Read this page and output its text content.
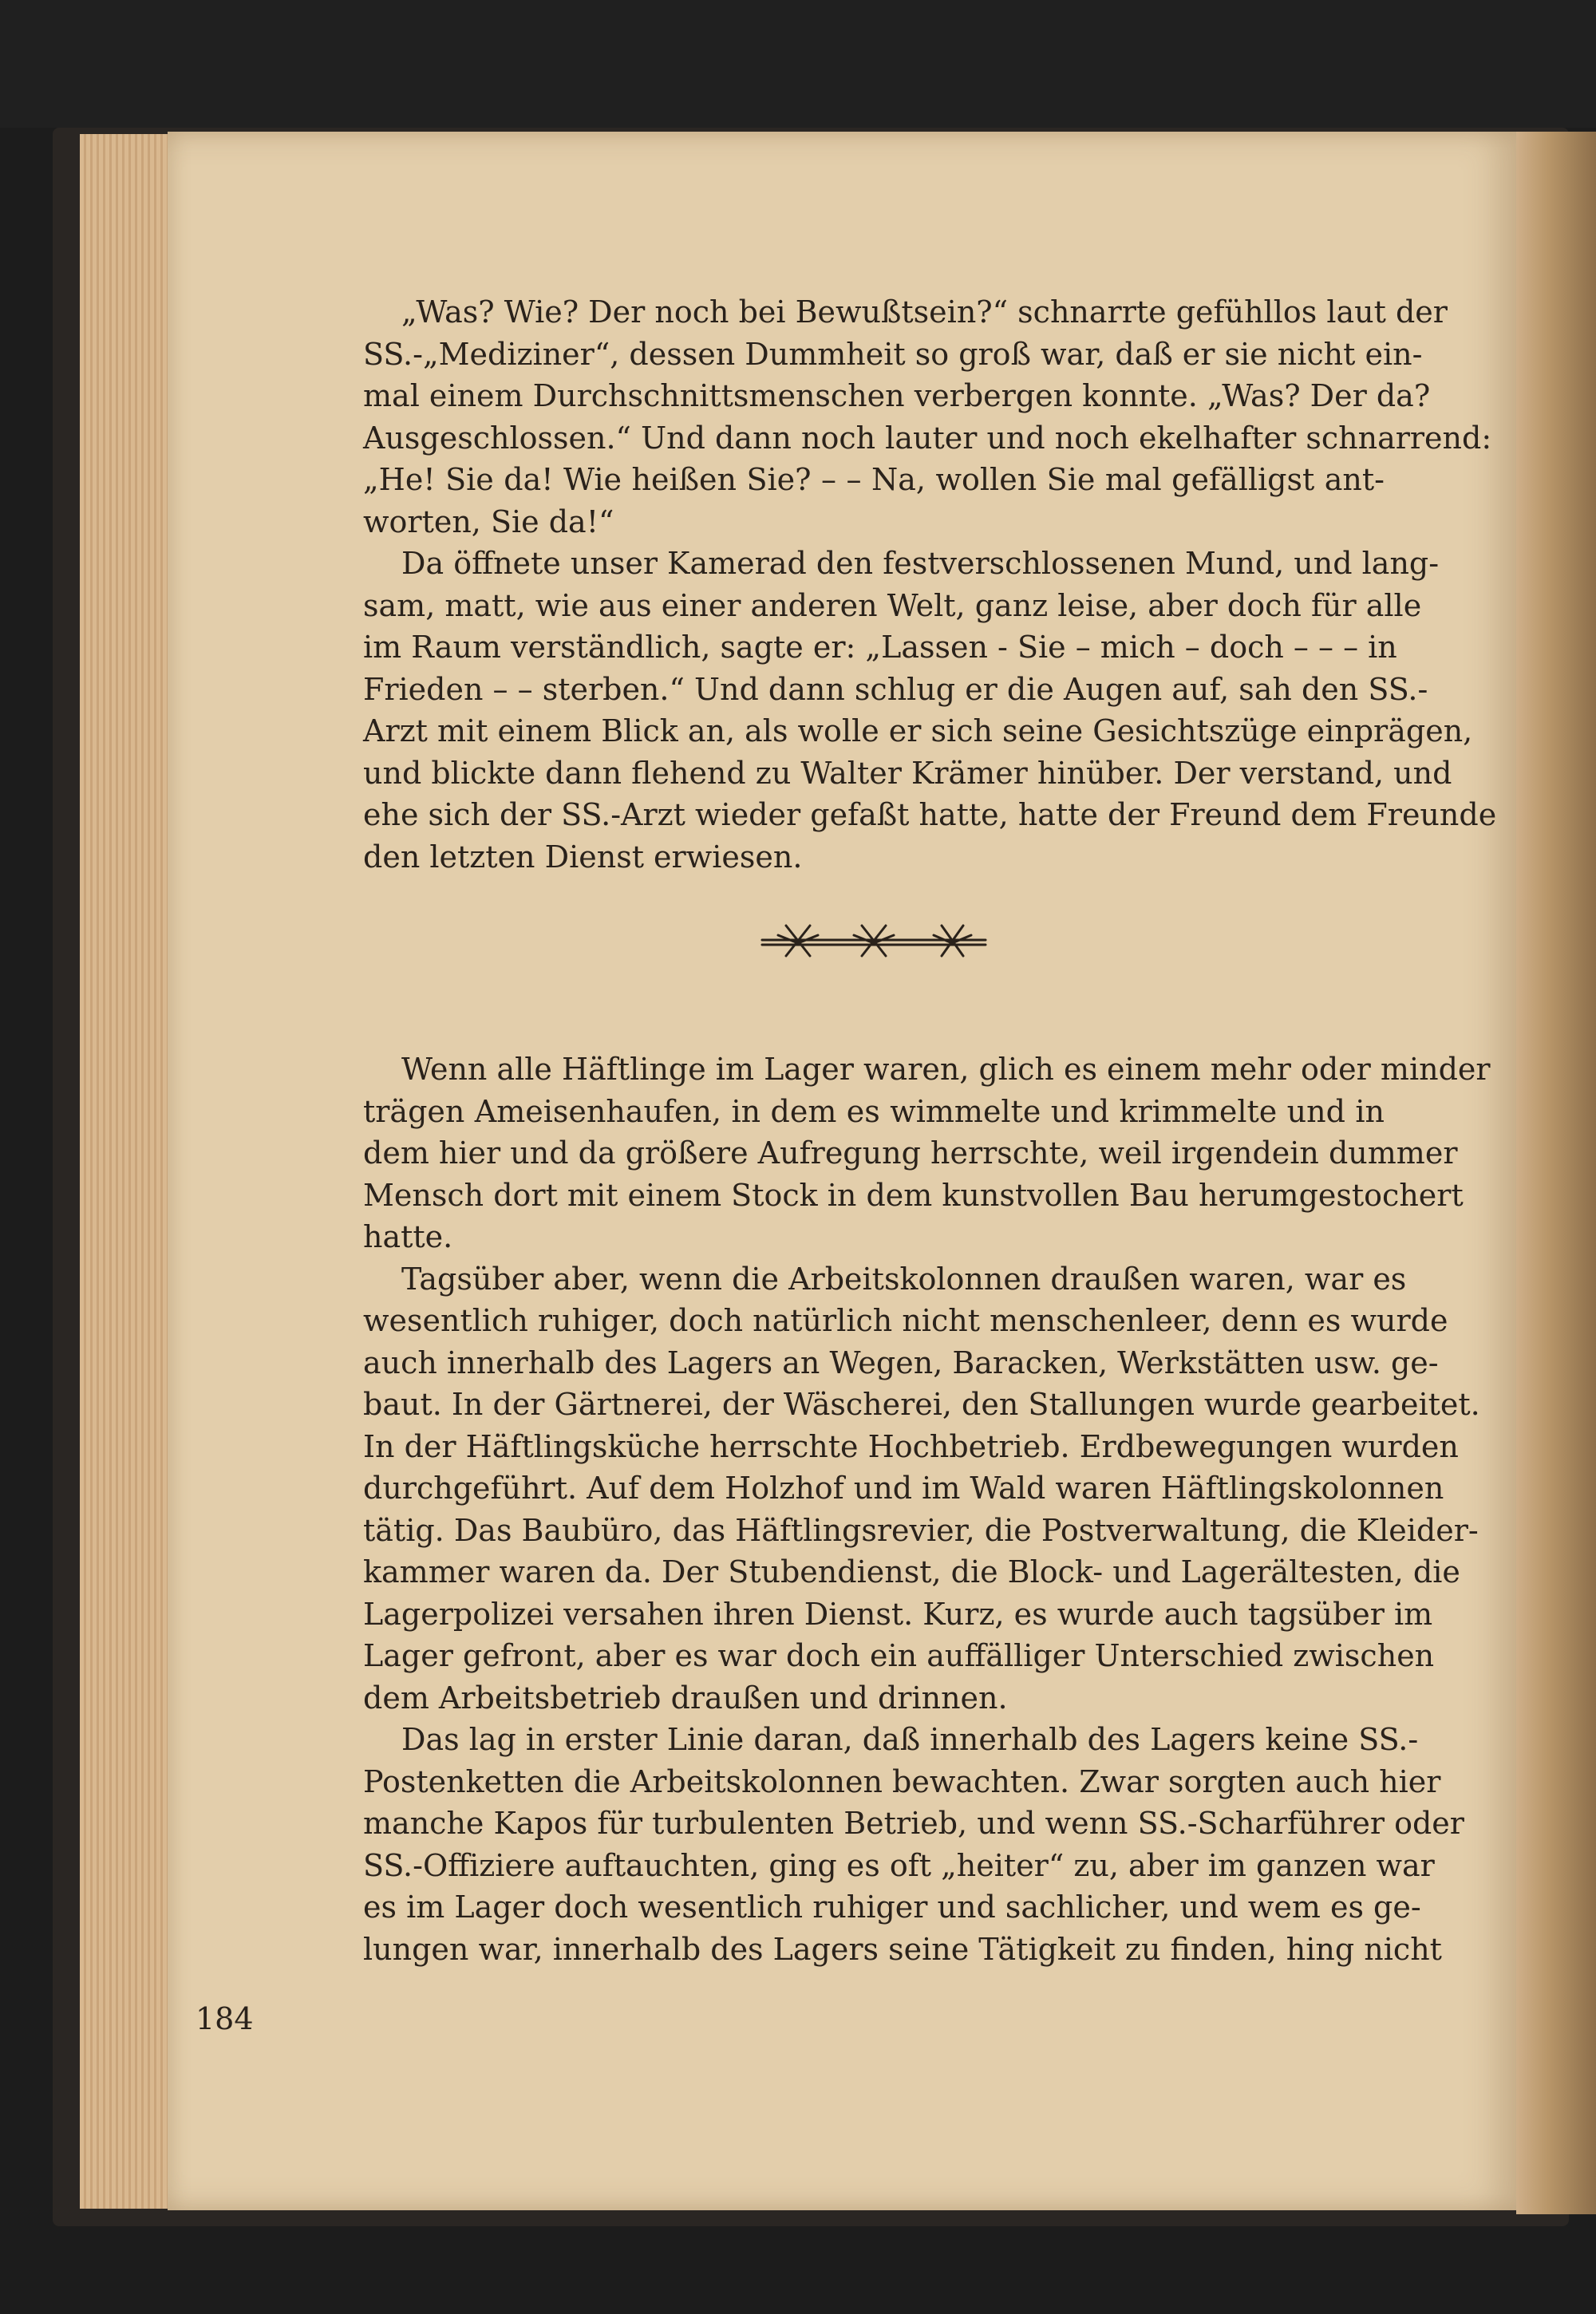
„Was? Wie? Der noch bei Bewußtsein?“ schnarrte gefühllos laut der
SS.-„Mediziner“, dessen Dummheit so groß war, daß er sie nicht ein-
mal einem Durchschnittsmenschen verbergen konnte. „Was? Der da?
Ausgeschlossen.“ Und dann noch lauter und noch ekelhafter schnarrend:
„He! Sie da! Wie heißen Sie? – – Na, wollen Sie mal gefälligst ant-
worten, Sie da!“
Da öffnete unser Kamerad den festverschlossenen Mund, und lang-
sam, matt, wie aus einer anderen Welt, ganz leise, aber doch für alle
im Raum verständlich, sagte er: „Lassen - Sie – mich – doch – – – in
Frieden – – sterben.“ Und dann schlug er die Augen auf, sah den SS.-
Arzt mit einem Blick an, als wolle er sich seine Gesichtszüge einprägen,
und blickte dann flehend zu Walter Krämer hinüber. Der verstand, und
ehe sich der SS.-Arzt wieder gefaßt hatte, hatte der Freund dem Freunde
den letzten Dienst erwiesen.
Wenn alle Häftlinge im Lager waren, glich es einem mehr oder minder
trägen Ameisenhaufen, in dem es wimmelte und krimmelte und in
dem hier und da größere Aufregung herrschte, weil irgendein dummer
Mensch dort mit einem Stock in dem kunstvollen Bau herumgestochert
hatte.
Tagsüber aber, wenn die Arbeitskolonnen draußen waren, war es
wesentlich ruhiger, doch natürlich nicht menschenleer, denn es wurde
auch innerhalb des Lagers an Wegen, Baracken, Werkstätten usw. ge-
baut. In der Gärtnerei, der Wäscherei, den Stallungen wurde gearbeitet.
In der Häftlingsküche herrschte Hochbetrieb. Erdbewegungen wurden
durchgeführt. Auf dem Holzhof und im Wald waren Häftlingskolonnen
tätig. Das Baubüro, das Häftlingsrevier, die Postverwaltung, die Kleider-
kammer waren da. Der Stubendienst, die Block- und Lagerältesten, die
Lagerpolizei versahen ihren Dienst. Kurz, es wurde auch tagsüber im
Lager gefront, aber es war doch ein auffälliger Unterschied zwischen
dem Arbeitsbetrieb draußen und drinnen.
Das lag in erster Linie daran, daß innerhalb des Lagers keine SS.-
Postenketten die Arbeitskolonnen bewachten. Zwar sorgten auch hier
manche Kapos für turbulenten Betrieb, und wenn SS.-Scharführer oder
SS.-Offiziere auftauchten, ging es oft „heiter“ zu, aber im ganzen war
es im Lager doch wesentlich ruhiger und sachlicher, und wem es ge-
lungen war, innerhalb des Lagers seine Tätigkeit zu finden, hing nicht
184
